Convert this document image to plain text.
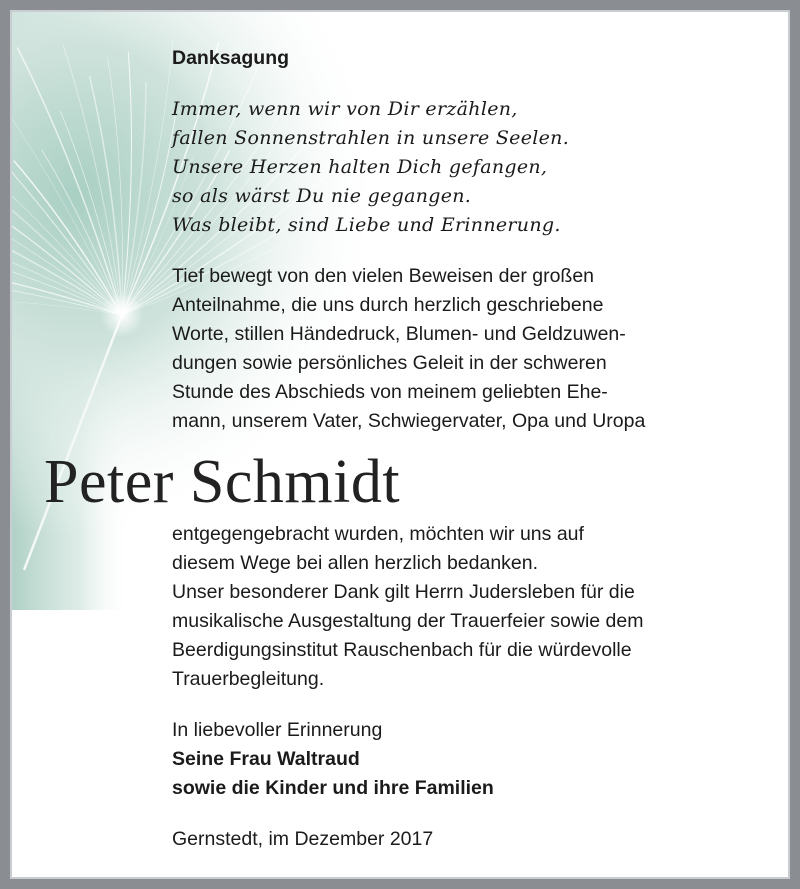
Danksagung
Immer, wenn wir von Dir erzählen,
fallen Sonnenstrahlen in unsere Seelen.
Unsere Herzen halten Dich gefangen,
so als wärst Du nie gegangen.
Was bleibt, sind Liebe und Erinnerung.
Tief bewegt von den vielen Beweisen der großen
Anteilnahme, die uns durch herzlich geschriebene
Worte, stillen Händedruck, Blumen- und Geldzuwen-
dungen sowie persönliches Geleit in der schweren
Stunde des Abschieds von meinem geliebten Ehe-
mann, unserem Vater, Schwiegervater, Opa und Uropa
Peter Schmidt
entgegengebracht wurden, möchten wir uns auf
diesem Wege bei allen herzlich bedanken.
Unser besonderer Dank gilt Herrn Judersleben für die
musikalische Ausgestaltung der Trauerfeier sowie dem
Beerdigungsinstitut Rauschenbach für die würdevolle
Trauerbegleitung.
In liebevoller Erinnerung
Seine Frau Waltraud
sowie die Kinder und ihre Familien
Gernstedt, im Dezember 2017
